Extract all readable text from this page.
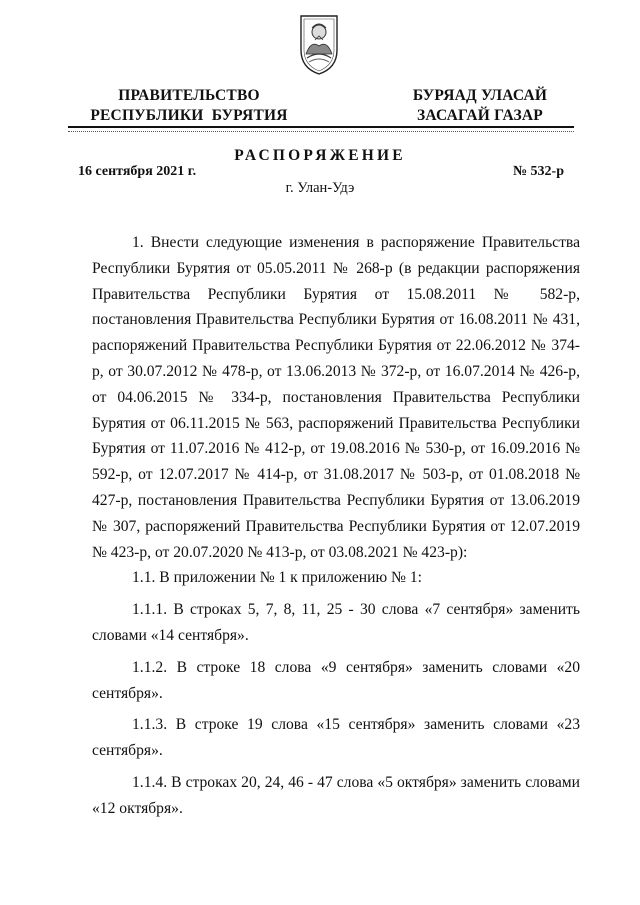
ПРАВИТЕЛЬСТВО
РЕСПУБЛИКИ  БУРЯТИЯ
БУРЯАД УЛАСАЙ
ЗАСАГАЙ ГАЗАР
РАСПОРЯЖЕНИЕ
16 сентября 2021 г.	№ 532-р
г. Улан-Удэ

1. Внести следующие изменения в распоряжение Правительства Республики Бурятия от 05.05.2011 № 268-р (в редакции распоряжения Правительства Республики Бурятия от 15.08.2011 № 582-р, постановления Правительства Республики Бурятия от 16.08.2011 № 431, распоряжений Правительства Республики Бурятия от 22.06.2012 № 374-р, от 30.07.2012 № 478-р, от 13.06.2013 № 372-р, от 16.07.2014 № 426-р, от 04.06.2015 № 334-р, постановления Правительства Республики Бурятия от 06.11.2015 № 563, распоряжений Правительства Республики Бурятия от 11.07.2016 № 412-р, от 19.08.2016 № 530-р, от 16.09.2016 № 592-р, от 12.07.2017 № 414-р, от 31.08.2017 № 503-р, от 01.08.2018 № 427-р, постановления Правительства Республики Бурятия от 13.06.2019 № 307, распоряжений Правительства Республики Бурятия от 12.07.2019 № 423-р, от 20.07.2020 № 413-р, от 03.08.2021 № 423-р):

1.1. В приложении № 1 к приложению № 1:

1.1.1. В строках 5, 7, 8, 11, 25 - 30 слова «7 сентября» заменить словами «14 сентября».

1.1.2. В строке 18 слова «9 сентября» заменить словами «20 сентября».

1.1.3. В строке 19 слова «15 сентября» заменить словами «23 сентября».

1.1.4. В строках 20, 24, 46 - 47 слова «5 октября» заменить словами «12 октября».
